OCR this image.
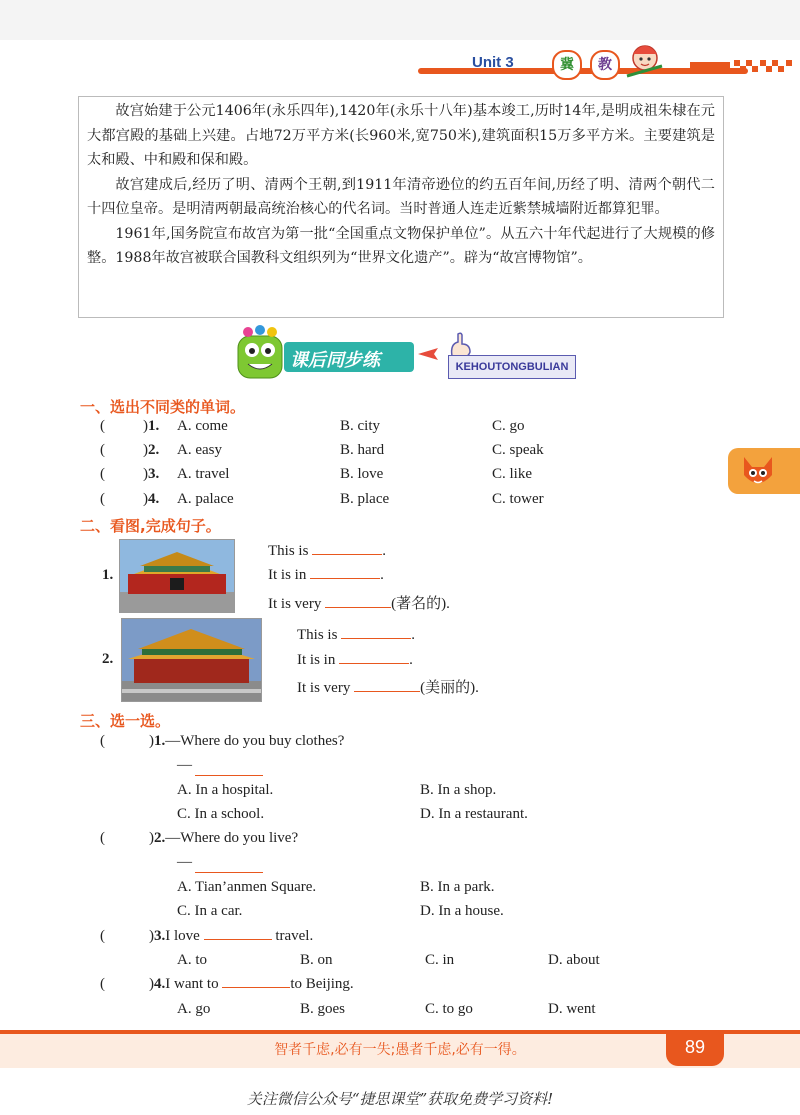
Unit 3	冀	教

故宫始建于公元1406年(永乐四年),1420年(永乐十八年)基本竣工,历时14年,是明成祖朱棣在元大都宫殿的基础上兴建。占地72万平方米(长960米,宽750米),建筑面积15万多平方米。主要建筑是太和殿、中和殿和保和殿。

故宫建成后,经历了明、清两个王朝,到1911年清帝逊位的约五百年间,历经了明、清两个朝代二十四位皇帝。是明清两朝最高统治核心的代名词。当时普通人连走近紫禁城墙附近都算犯罪。

1961年,国务院宣布故宫为第一批“全国重点文物保护单位”。从五六十年代起进行了大规模的修整。1988年故宫被联合国教科文组织列为“世界文化遗产”。辟为“故宫博物馆”。

课后同步练	KEHOUTONGBULIAN
一、选出不同类的单词。
(	)1. A. come	B. city	C. go
(	)2. A. easy	B. hard	C. speak
(	)3. A. travel	B. love	C. like
(	)4. A. palace	B. place	C. tower
二、看图,完成句子。
1.
This is	.
It is in	.
It is very	(著名的).
2.
This is	.
It is in	.
It is very	(美丽的).
三、选一选。
(	)1.—Where do you buy clothes?
—

A. In a hospital.	B. In a shop.
C. In a school.	D. In a restaurant.
(	)2.—Where do you live?
—

A. Tian’anmen Square.	B. In a park.
C. In a car.	D. In a house.
(	)3.I love	travel.
A. to	B. on	C. in	D. about
(	)4.I want to	to Beijing.
A. go	B. goes	C. to go	D. went
智者千虑,必有一失;愚者千虑,必有一得。	89
关注微信公众号“捷思课堂”获取免费学习资料!
